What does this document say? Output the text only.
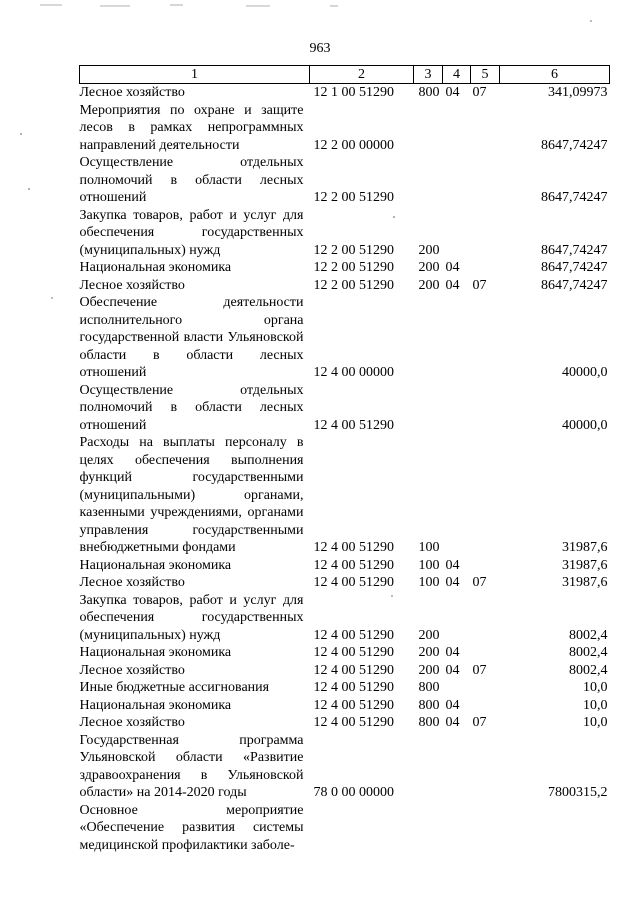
963
1	2	3	4	5	6
Лесное хозяйство	12 1 00 51290	800	04	07	341,09973
Мероприятия по охране и защите лесов в рамках непрограммных направлений деятельности	12 2 00 00000				8647,74247
Осуществление отдельных полномочий в области лесных отношений	12 2 00 51290				8647,74247
Закупка товаров, работ и услуг для обеспечения государственных (муниципальных) нужд	12 2 00 51290	200			8647,74247
Национальная экономика	12 2 00 51290	200	04		8647,74247
Лесное хозяйство	12 2 00 51290	200	04	07	8647,74247
Обеспечение деятельности исполнительного органа государственной власти Ульяновской области в области лесных отношений	12 4 00 00000				40000,0
Осуществление отдельных полномочий в области лесных отношений	12 4 00 51290				40000,0
Расходы на выплаты персоналу в целях обеспечения выполнения функций государственными (муниципальными) органами, казенными учреждениями, органами управления государственными внебюджетными фондами	12 4 00 51290	100			31987,6
Национальная экономика	12 4 00 51290	100	04		31987,6
Лесное хозяйство	12 4 00 51290	100	04	07	31987,6
Закупка товаров, работ и услуг для обеспечения государственных (муниципальных) нужд	12 4 00 51290	200			8002,4
Национальная экономика	12 4 00 51290	200	04		8002,4
Лесное хозяйство	12 4 00 51290	200	04	07	8002,4
Иные бюджетные ассигнования	12 4 00 51290	800			10,0
Национальная экономика	12 4 00 51290	800	04		10,0
Лесное хозяйство	12 4 00 51290	800	04	07	10,0
Государственная программа Ульяновской области «Развитие здравоохранения в Ульяновской области» на 2014-2020 годы	78 0 00 00000				7800315,2
Основное мероприятие «Обеспечение развития системы медицинской профилактики заболе-					
